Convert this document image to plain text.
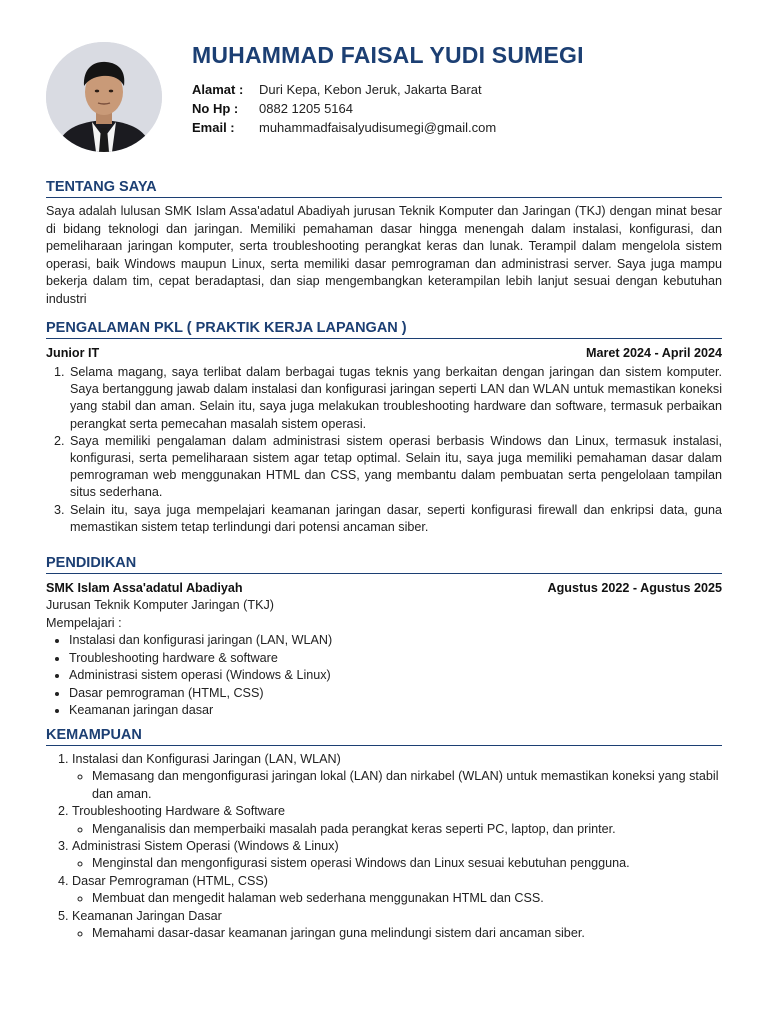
MUHAMMAD FAISAL YUDI SUMEGI
Alamat :	Duri Kepa, Kebon Jeruk, Jakarta Barat
No Hp :	0882 1205 5164
Email :	muhammadfaisalyudisumegi@gmail.com
TENTANG SAYA

Saya adalah lulusan SMK Islam Assa'adatul Abadiyah jurusan Teknik Komputer dan Jaringan (TKJ) dengan minat besar di bidang teknologi dan jaringan. Memiliki pemahaman dasar hingga menengah dalam instalasi, konfigurasi, dan pemeliharaan jaringan komputer, serta troubleshooting perangkat keras dan lunak. Terampil dalam mengelola sistem operasi, baik Windows maupun Linux, serta memiliki dasar pemrograman dan administrasi server. Saya juga mampu bekerja dalam tim, cepat beradaptasi, dan siap mengembangkan keterampilan lebih lanjut sesuai dengan kebutuhan industri

PENGALAMAN PKL ( PRAKTIK KERJA LAPANGAN )
Junior IT	Maret 2024 - April 2024
1. Selama magang, saya terlibat dalam berbagai tugas teknis yang berkaitan dengan jaringan dan sistem komputer. Saya bertanggung jawab dalam instalasi dan konfigurasi jaringan seperti LAN dan WLAN untuk memastikan koneksi yang stabil dan aman. Selain itu, saya juga melakukan troubleshooting hardware dan software, termasuk perbaikan perangkat serta pemecahan masalah sistem operasi.
2. Saya memiliki pengalaman dalam administrasi sistem operasi berbasis Windows dan Linux, termasuk instalasi, konfigurasi, serta pemeliharaan sistem agar tetap optimal. Selain itu, saya juga memiliki pemahaman dasar dalam pemrograman web menggunakan HTML dan CSS, yang membantu dalam pembuatan serta pengelolaan tampilan situs sederhana.
3. Selain itu, saya juga mempelajari keamanan jaringan dasar, seperti konfigurasi firewall dan enkripsi data, guna memastikan sistem tetap terlindungi dari potensi ancaman siber.
PENDIDIKAN
SMK Islam Assa'adatul Abadiyah	Agustus 2022 - Agustus 2025
Jurusan Teknik Komputer Jaringan (TKJ)
Mempelajari :
• Instalasi dan konfigurasi jaringan (LAN, WLAN)
• Troubleshooting hardware & software
• Administrasi sistem operasi (Windows & Linux)
• Dasar pemrograman (HTML, CSS)
• Keamanan jaringan dasar
KEMAMPUAN
1. Instalasi dan Konfigurasi Jaringan (LAN, WLAN)
◦ Memasang dan mengonfigurasi jaringan lokal (LAN) dan nirkabel (WLAN) untuk memastikan koneksi yang stabil dan aman.
2. Troubleshooting Hardware & Software
◦ Menganalisis dan memperbaiki masalah pada perangkat keras seperti PC, laptop, dan printer.
3. Administrasi Sistem Operasi (Windows & Linux)
◦ Menginstal dan mengonfigurasi sistem operasi Windows dan Linux sesuai kebutuhan pengguna.
4. Dasar Pemrograman (HTML, CSS)
◦ Membuat dan mengedit halaman web sederhana menggunakan HTML dan CSS.
5. Keamanan Jaringan Dasar
◦ Memahami dasar-dasar keamanan jaringan guna melindungi sistem dari ancaman siber.
